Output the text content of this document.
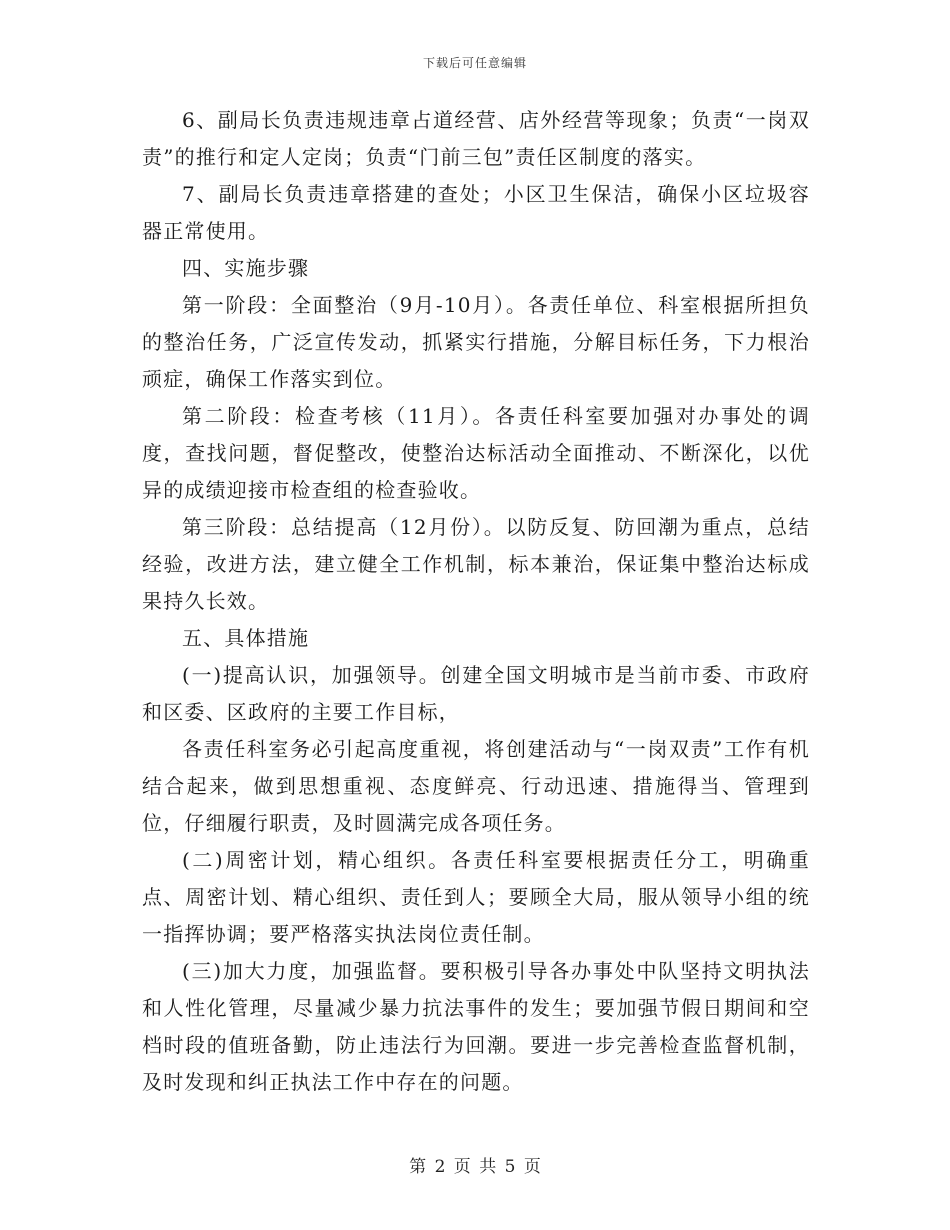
下载后可任意编辑

6、副局长负责违规违章占道经营、店外经营等现象；负责“一岗双责”的推行和定人定岗；负责“门前三包”责任区制度的落实。

7、副局长负责违章搭建的查处；小区卫生保洁，确保小区垃圾容器正常使用。

四、实施步骤

第一阶段：全面整治（9月-10月）。各责任单位、科室根据所担负的整治任务，广泛宣传发动，抓紧实行措施，分解目标任务，下力根治顽症，确保工作落实到位。

第二阶段：检查考核（11月）。各责任科室要加强对办事处的调度，查找问题，督促整改，使整治达标活动全面推动、不断深化，以优异的成绩迎接市检查组的检查验收。

第三阶段：总结提高（12月份）。以防反复、防回潮为重点，总结经验，改进方法，建立健全工作机制，标本兼治，保证集中整治达标成果持久长效。

五、具体措施

(一)提高认识，加强领导。创建全国文明城市是当前市委、市政府和区委、区政府的主要工作目标，

各责任科室务必引起高度重视，将创建活动与“一岗双责”工作有机结合起来，做到思想重视、态度鲜亮、行动迅速、措施得当、管理到位，仔细履行职责，及时圆满完成各项任务。

(二)周密计划，精心组织。各责任科室要根据责任分工，明确重点、周密计划、精心组织、责任到人；要顾全大局，服从领导小组的统一指挥协调；要严格落实执法岗位责任制。

(三)加大力度，加强监督。要积极引导各办事处中队坚持文明执法和人性化管理，尽量减少暴力抗法事件的发生；要加强节假日期间和空档时段的值班备勤，防止违法行为回潮。要进一步完善检查监督机制，及时发现和纠正执法工作中存在的问题。

第 2 页 共 5 页
